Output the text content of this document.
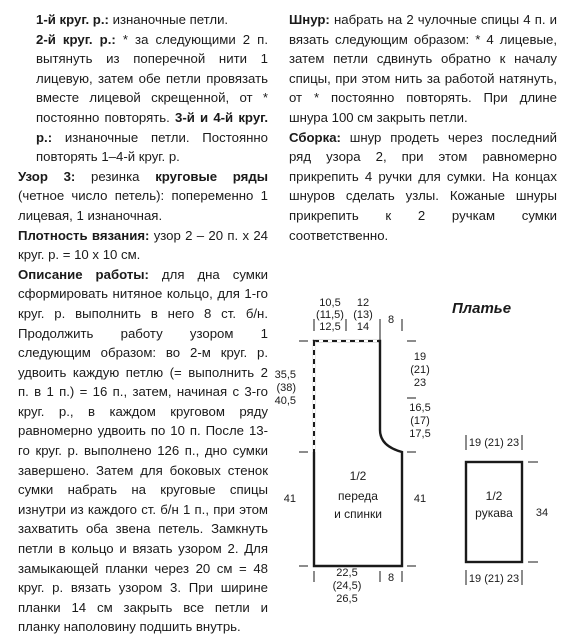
1-й круг. р.: изнаночные петли.

2-й круг. р.: * за следующими 2 п. вытянуть из поперечной нити 1 лицевую, затем обе петли провязать вместе лицевой скрещенной, от * постоянно повторять. 3-й и 4-й круг. р.: изнаночные петли. Постоянно повторять 1–4-й круг. р.

Узор 3: резинка круговые ряды (четное число петель): попеременно 1 лицевая, 1 изнаночная.

Плотность вязания: узор 2 – 20 п. х 24 круг. р. = 10 х 10 см.

Описание работы: для дна сумки сформировать нитяное кольцо, для 1-го круг. р. выполнить в него 8 ст. б/н. Продолжить работу узором 1 следующим образом: во 2-м круг. р. удвоить каждую петлю (= выполнить 2 п. в 1 п.) = 16 п., затем, начиная с 3-го круг. р., в каждом круговом ряду равномерно удвоить по 10 п. После 13-го круг. р. выполнено 126 п., дно сумки завершено. Затем для боковых стенок сумки набрать на круговые спицы изнутри из каждого ст. б/н 1 п., при этом захватить оба звена петель. Замкнуть петли в кольцо и вязать узором 2. Для замыкающей планки через 20 см = 48 круг. р. вязать узором 3. При ширине планки 14 см закрыть все петли и планку наполовину подшить внутрь.

Шнур: набрать на 2 чулочные спицы 4 п. и вязать следующим образом: * 4 лицевые, затем петли сдвинуть обратно к началу спицы, при этом нить за работой натянуть, от * постоянно повторять. При длине шнура 100 см закрыть петли.

Сборка: шнур продеть через последний ряд узора 2, при этом равномерно прикрепить 4 ручки для сумки. На концах шнуров сделать узлы. Кожаные шнуры прикрепить к 2 ручкам сумки соответственно.

Платье
1/2
переда
и спинки
10,5
(11,5)
12,5
12
(13)
14
8
35,5
(38)
40,5
41
19
(21)
23
16,5
(17)
17,5
41
22,5
(24,5)
26,5
8
1/2
рукава
19 (21) 23
19 (21) 23
34
